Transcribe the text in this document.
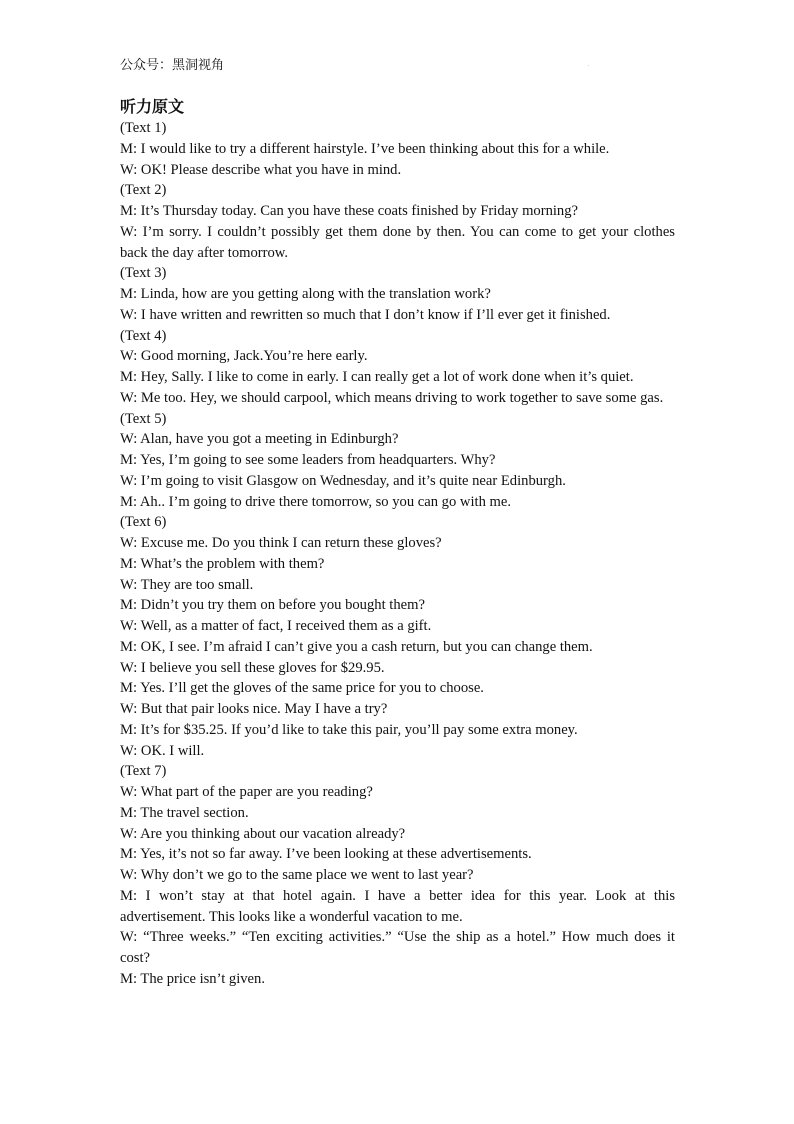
公众号：黑洞视角	.
听力原文

(Text 1)

M: I would like to try a different hairstyle. I’ve been thinking about this for a while.

W: OK! Please describe what you have in mind.

(Text 2)

M: It’s Thursday today. Can you have these coats finished by Friday morning?

W: I’m sorry. I couldn’t possibly get them done by then. You can come to get your clothes back the day after tomorrow.

(Text 3)

M: Linda, how are you getting along with the translation work?

W: I have written and rewritten so much that I don’t know if I’ll ever get it finished.

(Text 4)

W: Good morning, Jack.You’re here early.

M: Hey, Sally. I like to come in early. I can really get a lot of work done when it’s quiet.

W: Me too. Hey, we should carpool, which means driving to work together to save some gas.

(Text 5)

W: Alan, have you got a meeting in Edinburgh?

M: Yes, I’m going to see some leaders from headquarters. Why?

W: I’m going to visit Glasgow on Wednesday, and it’s quite near Edinburgh.

M: Ah.. I’m going to drive there tomorrow, so you can go with me.

(Text 6)

W: Excuse me. Do you think I can return these gloves?

M: What’s the problem with them?

W: They are too small.

M: Didn’t you try them on before you bought them?

W: Well, as a matter of fact, I received them as a gift.

M: OK, I see. I’m afraid I can’t give you a cash return, but you can change them.

W: I believe you sell these gloves for $29.95.

M: Yes. I’ll get the gloves of the same price for you to choose.

W: But that pair looks nice. May I have a try?

M: It’s for $35.25. If you’d like to take this pair, you’ll pay some extra money.

W: OK. I will.

(Text 7)

W: What part of the paper are you reading?

M: The travel section.

W: Are you thinking about our vacation already?

M: Yes, it’s not so far away. I’ve been looking at these advertisements.

W: Why don’t we go to the same place we went to last year?

M: I won’t stay at that hotel again. I have a better idea for this year. Look at this advertisement. This looks like a wonderful vacation to me.

W: “Three weeks.” “Ten exciting activities.” “Use the ship as a hotel.” How much does it cost?

M: The price isn’t given.
